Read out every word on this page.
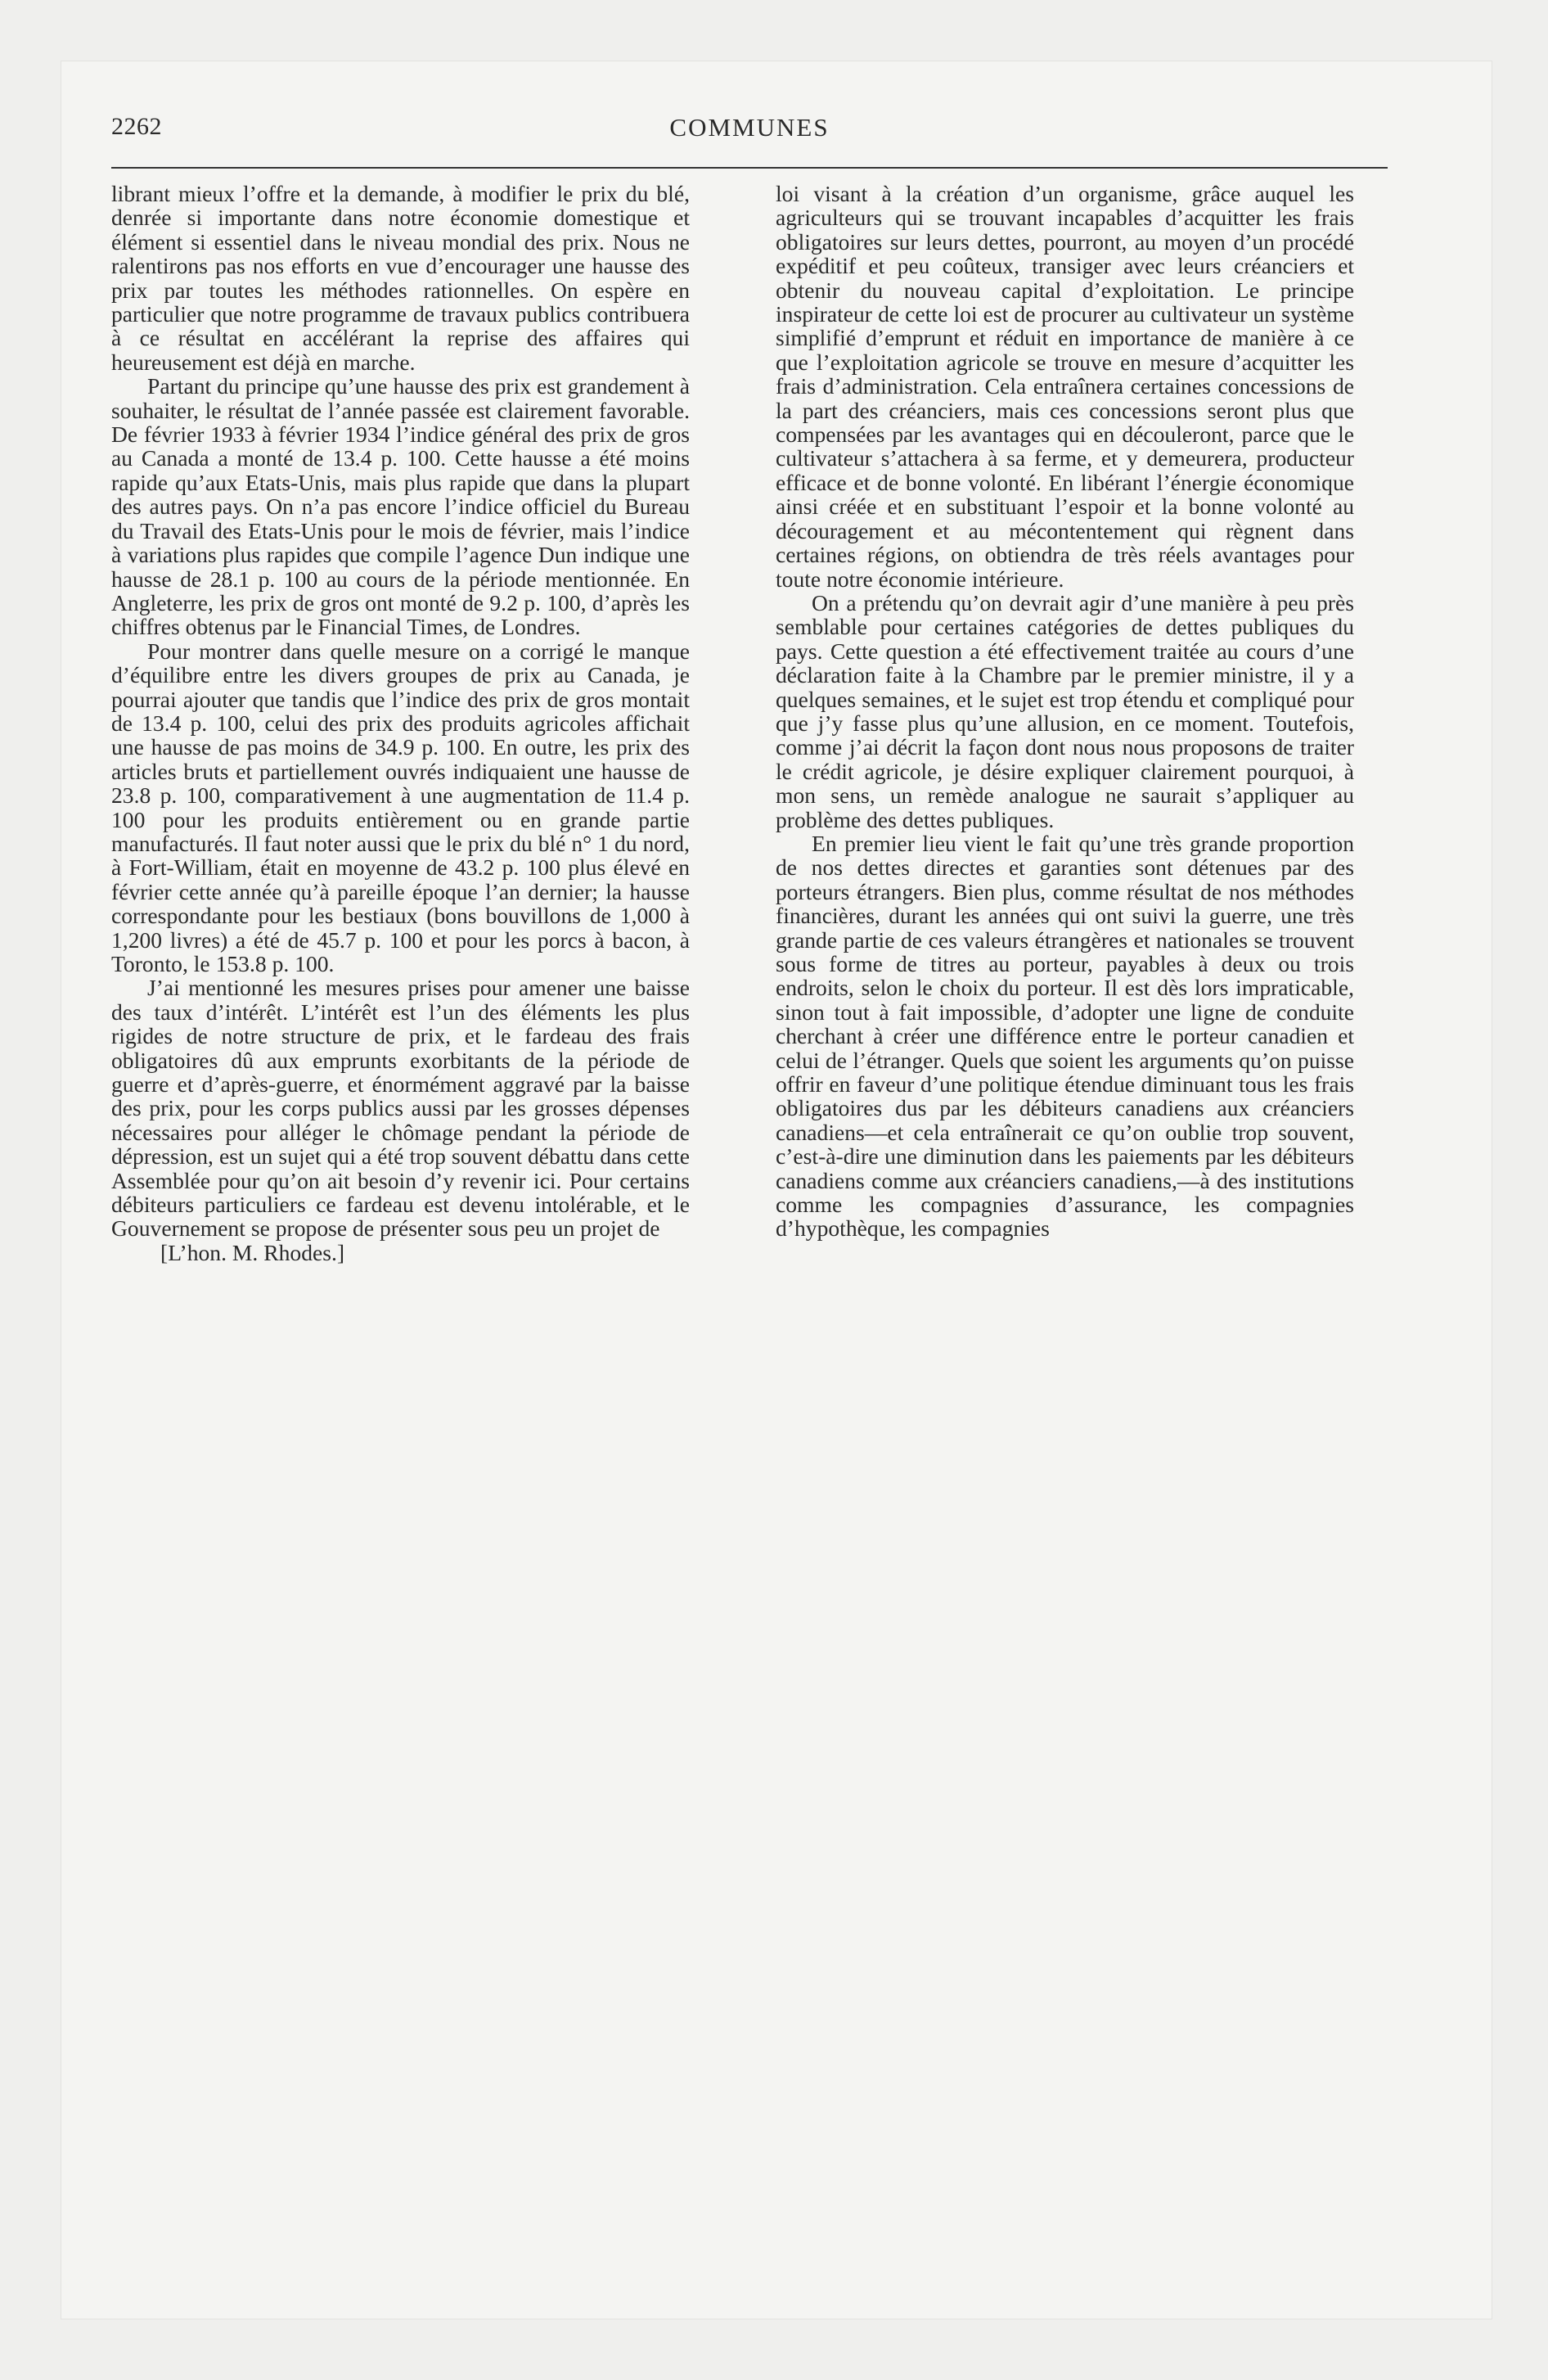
2262	COMMUNES

librant mieux l’offre et la demande, à modifier le prix du blé, denrée si importante dans notre économie domestique et élément si essentiel dans le niveau mondial des prix. Nous ne ralentirons pas nos efforts en vue d’encourager une hausse des prix par toutes les méthodes rationnelles. On espère en particulier que notre programme de travaux publics contribuera à ce résultat en accélérant la reprise des affaires qui heureusement est déjà en marche.

Partant du principe qu’une hausse des prix est grandement à souhaiter, le résultat de l’année passée est clairement favorable. De février 1933 à février 1934 l’indice général des prix de gros au Canada a monté de 13.4 p. 100. Cette hausse a été moins rapide qu’aux Etats-Unis, mais plus rapide que dans la plupart des autres pays. On n’a pas encore l’indice officiel du Bureau du Travail des Etats-Unis pour le mois de février, mais l’indice à variations plus rapides que compile l’agence Dun indique une hausse de 28.1 p. 100 au cours de la période mentionnée. En Angleterre, les prix de gros ont monté de 9.2 p. 100, d’après les chiffres obtenus par le Financial Times, de Londres.

Pour montrer dans quelle mesure on a corrigé le manque d’équilibre entre les divers groupes de prix au Canada, je pourrai ajouter que tandis que l’indice des prix de gros montait de 13.4 p. 100, celui des prix des produits agricoles affichait une hausse de pas moins de 34.9 p. 100. En outre, les prix des articles bruts et partiellement ouvrés indiquaient une hausse de 23.8 p. 100, comparativement à une augmentation de 11.4 p. 100 pour les produits entièrement ou en grande partie manufacturés. Il faut noter aussi que le prix du blé n° 1 du nord, à Fort-William, était en moyenne de 43.2 p. 100 plus élevé en février cette année qu’à pareille époque l’an dernier; la hausse correspondante pour les bestiaux (bons bouvillons de 1,000 à 1,200 livres) a été de 45.7 p. 100 et pour les porcs à bacon, à Toronto, le 153.8 p. 100.

J’ai mentionné les mesures prises pour amener une baisse des taux d’intérêt. L’intérêt est l’un des éléments les plus rigides de notre structure de prix, et le fardeau des frais obligatoires dû aux emprunts exorbitants de la période de guerre et d’après-guerre, et énormément aggravé par la baisse des prix, pour les corps publics aussi par les grosses dépenses nécessaires pour alléger le chômage pendant la période de dépression, est un sujet qui a été trop souvent débattu dans cette Assemblée pour qu’on ait besoin d’y revenir ici. Pour certains débiteurs particuliers ce fardeau est devenu intolérable, et le Gouvernement se propose de présenter sous peu un projet de

[L’hon. M. Rhodes.]

loi visant à la création d’un organisme, grâce auquel les agriculteurs qui se trouvant incapables d’acquitter les frais obligatoires sur leurs dettes, pourront, au moyen d’un procédé expéditif et peu coûteux, transiger avec leurs créanciers et obtenir du nouveau capital d’exploitation. Le principe inspirateur de cette loi est de procurer au cultivateur un système simplifié d’emprunt et réduit en importance de manière à ce que l’exploitation agricole se trouve en mesure d’acquitter les frais d’administration. Cela entraînera certaines concessions de la part des créanciers, mais ces concessions seront plus que compensées par les avantages qui en découleront, parce que le cultivateur s’attachera à sa ferme, et y demeurera, producteur efficace et de bonne volonté. En libérant l’énergie économique ainsi créée et en substituant l’espoir et la bonne volonté au découragement et au mécontentement qui règnent dans certaines régions, on obtiendra de très réels avantages pour toute notre économie intérieure.

On a prétendu qu’on devrait agir d’une manière à peu près semblable pour certaines catégories de dettes publiques du pays. Cette question a été effectivement traitée au cours d’une déclaration faite à la Chambre par le premier ministre, il y a quelques semaines, et le sujet est trop étendu et compliqué pour que j’y fasse plus qu’une allusion, en ce moment. Toutefois, comme j’ai décrit la façon dont nous nous proposons de traiter le crédit agricole, je désire expliquer clairement pourquoi, à mon sens, un remède analogue ne saurait s’appliquer au problème des dettes publiques.

En premier lieu vient le fait qu’une très grande proportion de nos dettes directes et garanties sont détenues par des porteurs étrangers. Bien plus, comme résultat de nos méthodes financières, durant les années qui ont suivi la guerre, une très grande partie de ces valeurs étrangères et nationales se trouvent sous forme de titres au porteur, payables à deux ou trois endroits, selon le choix du porteur. Il est dès lors impraticable, sinon tout à fait impossible, d’adopter une ligne de conduite cherchant à créer une différence entre le porteur canadien et celui de l’étranger. Quels que soient les arguments qu’on puisse offrir en faveur d’une politique étendue diminuant tous les frais obligatoires dus par les débiteurs canadiens aux créanciers canadiens—et cela entraînerait ce qu’on oublie trop souvent, c’est-à-dire une diminution dans les paiements par les débiteurs canadiens comme aux créanciers canadiens,—à des institutions comme les compagnies d’assurance, les compagnies d’hypothèque, les compagnies
